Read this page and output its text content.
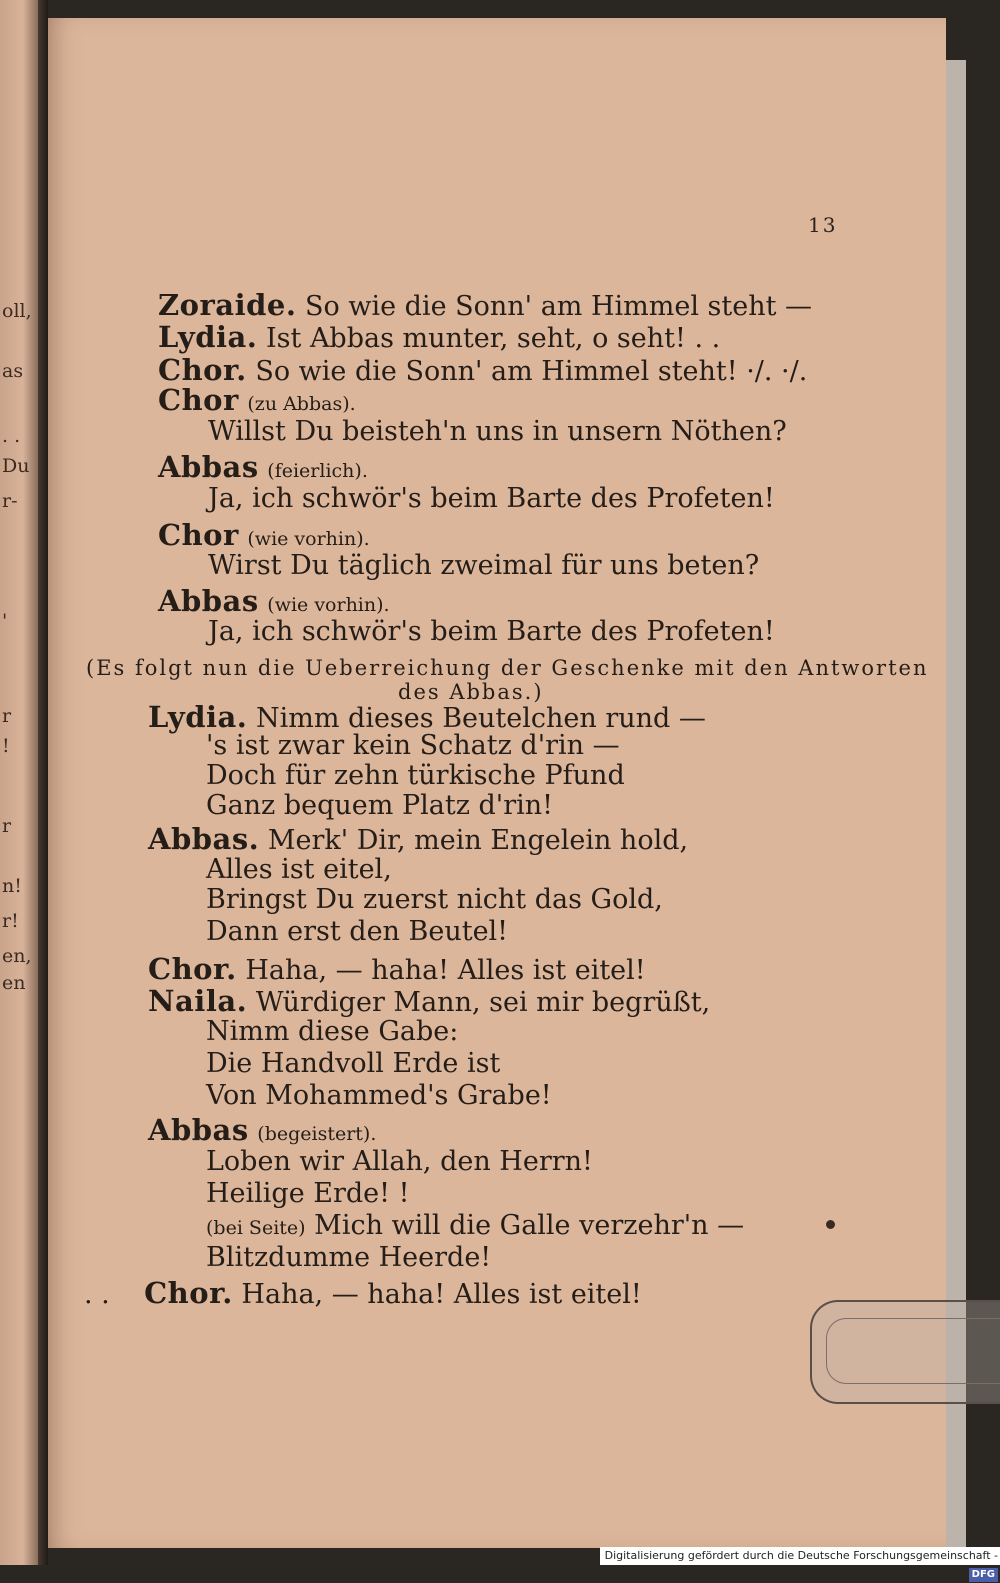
oll,
as
. .
Du
r-
'
r
!
r
n!
r!
en,
en
13
Zoraide. So wie die Sonn' am Himmel steht —
Lydia. Ist Abbas munter, seht, o seht! . .
Chor. So wie die Sonn' am Himmel steht! ·/. ·/.
Chor (zu Abbas).
Willst Du beisteh'n uns in unsern Nöthen?
Abbas (feierlich).
Ja, ich schwör's beim Barte des Profeten!
Chor (wie vorhin).
Wirst Du täglich zweimal für uns beten?
Abbas (wie vorhin).
Ja, ich schwör's beim Barte des Profeten!
(Es folgt nun die Ueberreichung der Geschenke mit den Antworten
des Abbas.)
Lydia. Nimm dieses Beutelchen rund —
's ist zwar kein Schatz d'rin —
Doch für zehn türkische Pfund
Ganz bequem Platz d'rin!
Abbas. Merk' Dir, mein Engelein hold,
Alles ist eitel,
Bringst Du zuerst nicht das Gold,
Dann erst den Beutel!
Chor. Haha, — haha! Alles ist eitel!
Naila. Würdiger Mann, sei mir begrüßt,
Nimm diese Gabe:
Die Handvoll Erde ist
Von Mohammed's Grabe!
Abbas (begeistert).
Loben wir Allah, den Herrn!
Heilige Erde! !
(bei Seite) Mich will die Galle verzehr'n —
Blitzdumme Heerde!
. . Chor. Haha, — haha! Alles ist eitel!
Digitalisierung gefördert durch die Deutsche Forschungsgemeinschaft - DFG
